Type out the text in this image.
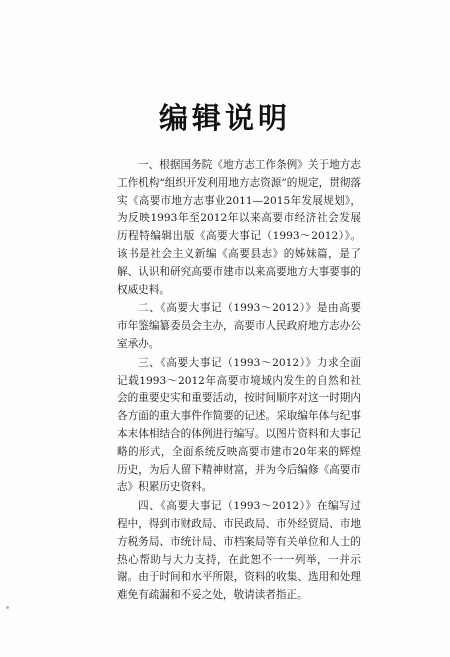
编辑说明

一、根据国务院《地方志工作条例》关于地方志工作机构“组织开发利用地方志资源”的规定，贯彻落实《高要市地方志事业2011—2015年发展规划》，为反映1993年至2012年以来高要市经济社会发展历程特编辑出版《高要大事记（1993～2012）》。该书是社会主义新编《高要县志》的姊妹篇，是了解、认识和研究高要市建市以来高要地方大事要事的权威史料。

二、《高要大事记（1993～2012）》是由高要市年鉴编纂委员会主办，高要市人民政府地方志办公室承办。

三、《高要大事记（1993～2012）》力求全面记载1993～2012年高要市境域内发生的自然和社会的重要史实和重要活动，按时间顺序对这一时期内各方面的重大事件作简要的记述。采取编年体与纪事本末体相结合的体例进行编写。以图片资料和大事记略的形式，全面系统反映高要市建市20年来的辉煌历史，为后人留下精神财富，并为今后编修《高要市志》积累历史资料。

四、《高要大事记（1993～2012）》在编写过程中，得到市财政局、市民政局、市外经贸局、市地方税务局、市统计局、市档案局等有关单位和人士的热心帮助与大力支持，在此恕不一一列举，一并示谢。由于时间和水平所限，资料的收集、选用和处理难免有疏漏和不妥之处，敬请读者指正。
